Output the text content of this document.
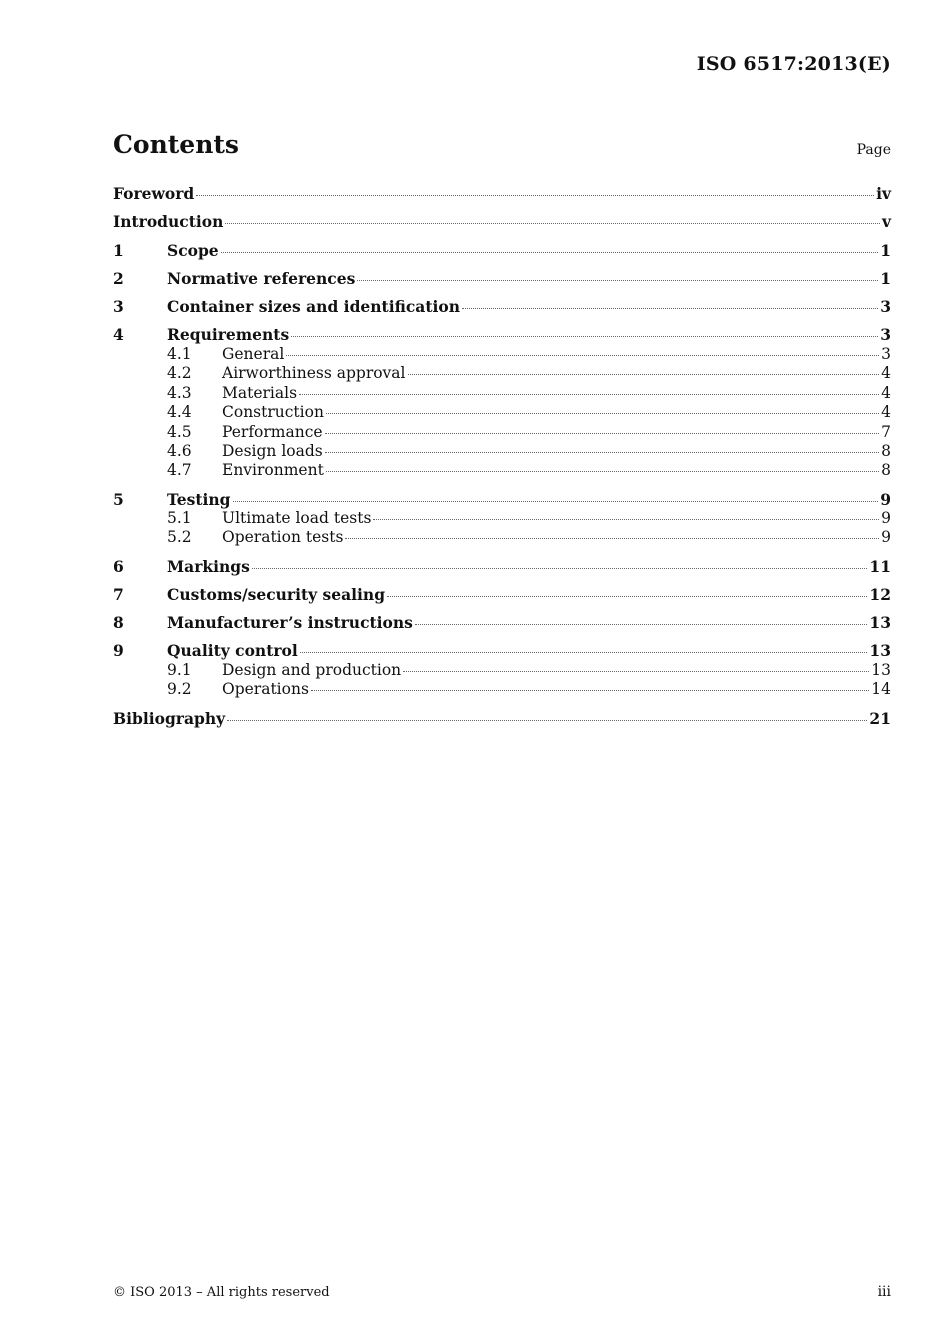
ISO 6517:2013(E)
Contents	Page
Foreword	iv
Introduction	v
1	Scope	1
2	Normative references	1
3	Container sizes and identification	3
4	Requirements	3
4.1	General	3
4.2	Airworthiness approval	4
4.3	Materials	4
4.4	Construction	4
4.5	Performance	7
4.6	Design loads	8
4.7	Environment	8
5	Testing	9
5.1	Ultimate load tests	9
5.2	Operation tests	9
6	Markings	11
7	Customs/security sealing	12
8	Manufacturer’s instructions	13
9	Quality control	13
9.1	Design and production	13
9.2	Operations	14
Bibliography	21
© ISO 2013 – All rights reserved	iii
